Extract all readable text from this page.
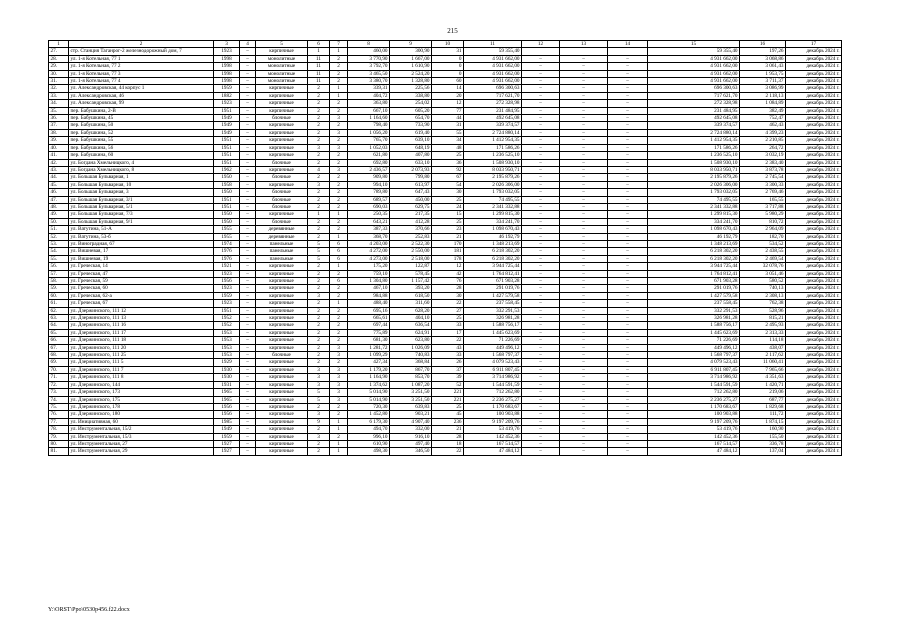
215
1	2	3	4	5	6	7	8	9	10	11	12	13	14	15	16	17
27.	стр. Станция Таганрог-2 железнодорожный дом, 7	1923	–	кирпичные	1	1	460,00	300,90	31	59 355,40				59 355,40	197,26	декабрь 2024 г.
28.	ул. 1-я Котельная, 77 1	1998	–	монолитные	11	2	3 770,90	1 667,00	0	4 931 662,00	–	–	–	4 931 662,00	3 068,86	декабрь 2024 г.
29.	ул. 1-я Котельная, 77 2	1998	–	монолитные	11	2	3 792,70	1 610,90	0	4 931 662,00	–	–	–	4 931 662,00	3 061,43	декабрь 2024 г.
30.	ул. 1-я Котельная, 77 3	1998	–	монолитные	11	2	3 465,50	2 524,20	0	4 931 662,00	–	–	–	4 931 662,00	1 953,75	декабрь 2024 г.
31.	ул. 1-я Котельная, 77 4	1998	–	монолитные	11	2	3 380,70	1 328,80	60	4 931 662,00	–	–	–	4 931 662,00	3 711,37	декабрь 2024 г.
32.	ул. Александровская, 44 корпус 1	1959	–	кирпичные	2	1	339,31	225,56	14	696 300,63	–	–	–	696 300,63	3 086,99	декабрь 2024 г.
33.	ул. Александровская, 46	1882	–	кирпичные	2	1	404,72	338,80	20	717 621,70	–	–	–	717 621,70	2 118,13	декабрь 2024 г.
34.	ул. Александровская, 99	1923	–	кирпичные	2	2	363,80	254,02	12	272 328,98	–	–	–	272 328,98	1 084,89	декабрь 2024 г.
35.	пер. Бабушкина, 2-В	1951	–	кирпичные	2	2	667,10	605,20	77	231 484,95	–	–	–	231 484,95	382,49	декабрь 2024 г.
36.	пер. Бабушкина, 45	1949	–	блочные	2	3	1 164,60	654,70	44	492 645,08	–	–	–	492 645,08	752,47	декабрь 2024 г.
37.	пер. Бабушкина, 50	1949	–	кирпичные	2	2	798,40	733,90	31	339 374,57	–	–	–	339 374,57	462,43	декабрь 2024 г.
38.	пер. Бабушкина, 52	1949	–	кирпичные	2	3	1 056,20	619,40	55	2 724 880,14	–	–	–	2 724 880,14	4 399,23	декабрь 2024 г.
39.	пер. Бабушкина, 55	1951	–	кирпичные	2	2	765,70	639,10	34	1 412 954,35	–	–	–	1 412 954,35	2 210,85	декабрь 2024 г.
40.	пер. Бабушкина, 56	1951	–	кирпичные	3	3	1 052,03	648,19	48	171 586,26	–	–	–	171 586,26	264,72	декабрь 2024 г.
41.	пер. Бабушкина, 60	1951	–	кирпичные	2	2	621,80	407,80	25	1 236 525,10	–	–	–	1 236 525,10	3 032,19	декабрь 2024 г.
42.	ул. Богдана Хмельницкого, 4	1951	–	блочные	2	2	692,80	633,10	36	1 508 930,10	–	–	–	1 508 930,10	2 383,40	декабрь 2024 г.
43.	ул. Богдана Хмельницкого, 8	1962	–	кирпичные	4	3	2 436,57	2 073,93	92	8 033 950,71	–	–	–	8 033 950,71	3 873,78	декабрь 2024 г.
44.	ул. Большая Бульварная, 1	1950	–	блочные	2	2	909,80	799,80	67	2 195 879,26	–	–	–	2 195 879,26	2 745,54	декабрь 2024 г.
45.	ул. Большая Бульварная, 10	1958	–	кирпичные	3	2	994,10	613,97	54	2 026 306,00	–	–	–	2 026 306,00	3 300,33	декабрь 2024 г.
46.	ул. Большая Бульварная, 3	1950	–	блочные	2	2	789,80	647,43	30	1 793 032,05	–	–	–	1 793 032,05	2 769,46	декабрь 2024 г.
47.	ул. Большая Бульварная, 3/1	1951	–	блочные	2	2	689,57	450,00	25	74 495,55	–	–	–	74 495,55	165,55	декабрь 2024 г.
48.	ул. Большая Бульварная, 5/1	1951	–	блочные	2	2	690,03	629,75	24	2 341 332,88	–	–	–	2 341 332,88	3 717,88	декабрь 2024 г.
49.	ул. Большая Бульварная, 7/3	1950	–	кирпичные	1	1	250,35	217,35	15	1 299 815,30	–	–	–	1 299 815,30	5 980,29	декабрь 2024 г.
50.	ул. Большая Бульварная, 9/1	1950	–	блочные	2	2	643,21	412,28	25	334 241,70	–	–	–	334 241,70	810,72	декабрь 2024 г.
51.	ул. Ватутина, 51-А	1955	–	деревянные	2	2	387,33	370,66	23	1 098 670,43	–	–	–	1 098 670,43	2 964,09	декабрь 2024 г.
52.	ул. Ватутина, 53-б	1955	–	деревянные	2	1	368,70	252,83	21	46 192,79	–	–	–	46 192,79	182,70	декабрь 2024 г.
53.	ул. Виноградная, 67	1974	–	панельные	5	6	4 203,00	2 522,30	170	1 348 213,69	–	–	–	1 348 213,69	534,52	декабрь 2024 г.
54.	ул. Вишневая, 17	1976	–	панельные	5	6	4 272,00	2 550,00	181	6 218 302,20	–	–	–	6 218 302,20	2 438,55	декабрь 2024 г.
55.	ул. Вишневая, 19	1976	–	панельные	5	6	4 273,00	2 518,00	178	6 218 302,20	–	–	–	6 218 302,20	2 469,54	декабрь 2024 г.
56.	ул. Греческая, 14	1921	–	кирпичные	2	1	175,20	122,87	12	3 944 725,44	–	–	–	3 944 725,44	32 078,76	декабрь 2024 г.
57.	ул. Греческая, 47	1923	–	кирпичные	2	2	759,10	578,45	42	1 764 812,41	–	–	–	1 764 812,41	3 051,46	декабрь 2024 г.
58.	ул. Греческая, 59	1956	–	кирпичные	2	6	1 304,80	1 157,42	76	671 903,28	–	–	–	671 903,28	580,52	декабрь 2024 г.
59.	ул. Греческая, 60	1923	–	кирпичные	2	2	467,10	393,20	28	291 019,76	–	–	–	291 019,76	740,13	декабрь 2024 г.
60.	ул. Греческая, 62-а	1959	–	кирпичные	3	2	984,88	618,50	30	1 427 579,58	–	–	–	1 427 579,58	2 308,13	декабрь 2024 г.
61.	ул. Греческая, 67	1923	–	кирпичные	2	1	488,40	311,60	22	237 558,45	–	–	–	237 558,45	762,38	декабрь 2024 г.
62.	ул. Дзержинского, 111 12	1951	–	кирпичные	2	2	695,16	628,20	27	332 291,53	–	–	–	332 291,53	528,96	декабрь 2024 г.
63.	ул. Дзержинского, 111 13	1952	–	кирпичные	2	2	665,61	404,10	25	326 981,28	–	–	–	326 981,28	815,21	декабрь 2024 г.
64.	ул. Дзержинского, 111 16	1952	–	кирпичные	2	2	697,44	636,54	33	1 588 756,17	–	–	–	1 588 756,17	2 495,93	декабрь 2024 г.
65.	ул. Дзержинского, 111 17	1953	–	кирпичные	2	2	775,89	624,91	17	1 445 623,69	–	–	–	1 445 623,69	2 313,33	декабрь 2024 г.
66.	ул. Дзержинского, 111 18	1953	–	кирпичные	2	2	681,30	623,80	22	71 226,69	–	–	–	71 226,69	114,18	декабрь 2024 г.
67.	ул. Дзержинского, 111 20	1953	–	кирпичные	2	3	1 281,72	1 026,09	43	449 496,12	–	–	–	449 496,12	438,07	декабрь 2024 г.
68.	ул. Дзержинского, 111 25	1953	–	блочные	2	3	1 099,29	740,83	33	1 568 797,37	–	–	–	1 568 797,37	2 117,62	декабрь 2024 г.
69.	ул. Дзержинского, 111 5	1929	–	кирпичные	2	2	427,34	368,84	26	4 079 523,43	–	–	–	4 079 523,43	11 060,41	декабрь 2024 г.
70.	ул. Дзержинского, 111 7	1930	–	кирпичные	3	3	1 179,20	867,70	37	6 911 807,45	–	–	–	6 911 807,45	7 965,66	декабрь 2024 г.
71.	ул. Дзержинского, 111 8	1930	–	кирпичные	3	3	1 164,90	853,70	39	3 714 986,92	–	–	–	3 714 986,92	4 351,63	декабрь 2024 г.
72.	ул. Дзержинского, 144	1931	–	кирпичные	3	3	1 374,62	1 087,20	52	1 544 591,59	–	–	–	1 544 591,59	1 420,71	декабрь 2024 г.
73.	ул. Дзержинского, 173	1965	–	кирпичные	5	3	5 014,90	3 251,50	221	712 262,80	–	–	–	712 262,80	219,06	декабрь 2024 г.
74.	ул. Дзержинского, 175	1965	–	кирпичные	5	3	5 014,90	3 251,50	221	2 236 275,27	–	–	–	2 236 275,27	687,77	декабрь 2024 г.
75.	ул. Дзержинского, 178	1956	–	кирпичные	2	2	720,30	639,83	25	1 170 683,67	–	–	–	1 170 683,67	1 829,68	декабрь 2024 г.
76.	ул. Дзержинского, 180	1956	–	кирпичные	3	2	1 452,80	903,21	45	100 903,88	–	–	–	100 903,88	111,72	декабрь 2024 г.
77.	ул. Инициативная, 60	1985	–	кирпичные	9	1	6 179,30	4 907,40	236	9 197 209,76	–	–	–	9 197 209,76	1 874,15	декабрь 2024 г.
78.	ул. Инструментальная, 15/2	1949	–	кирпичные	2	1	494,70	332,00	21	53 419,76	–	–	–	53 419,76	160,90	декабрь 2024 г.
79.	ул. Инструментальная, 15/3	1959	–	кирпичные	3	2	996,10	916,10	28	142 452,36	–	–	–	142 452,36	155,50	декабрь 2024 г.
80.	ул. Инструментальная, 27	1927	–	кирпичные	2	1	610,90	497,40	18	167 514,57	–	–	–	167 514,57	336,78	декабрь 2024 г.
81.	ул. Инструментальная, 29	1927	–	кирпичные	2	1	498,30	346,50	22	47 484,12	–	–	–	47 484,12	137,04	декабрь 2024 г.
Y:\ORST\Ppo\0530p456.f22.docx
